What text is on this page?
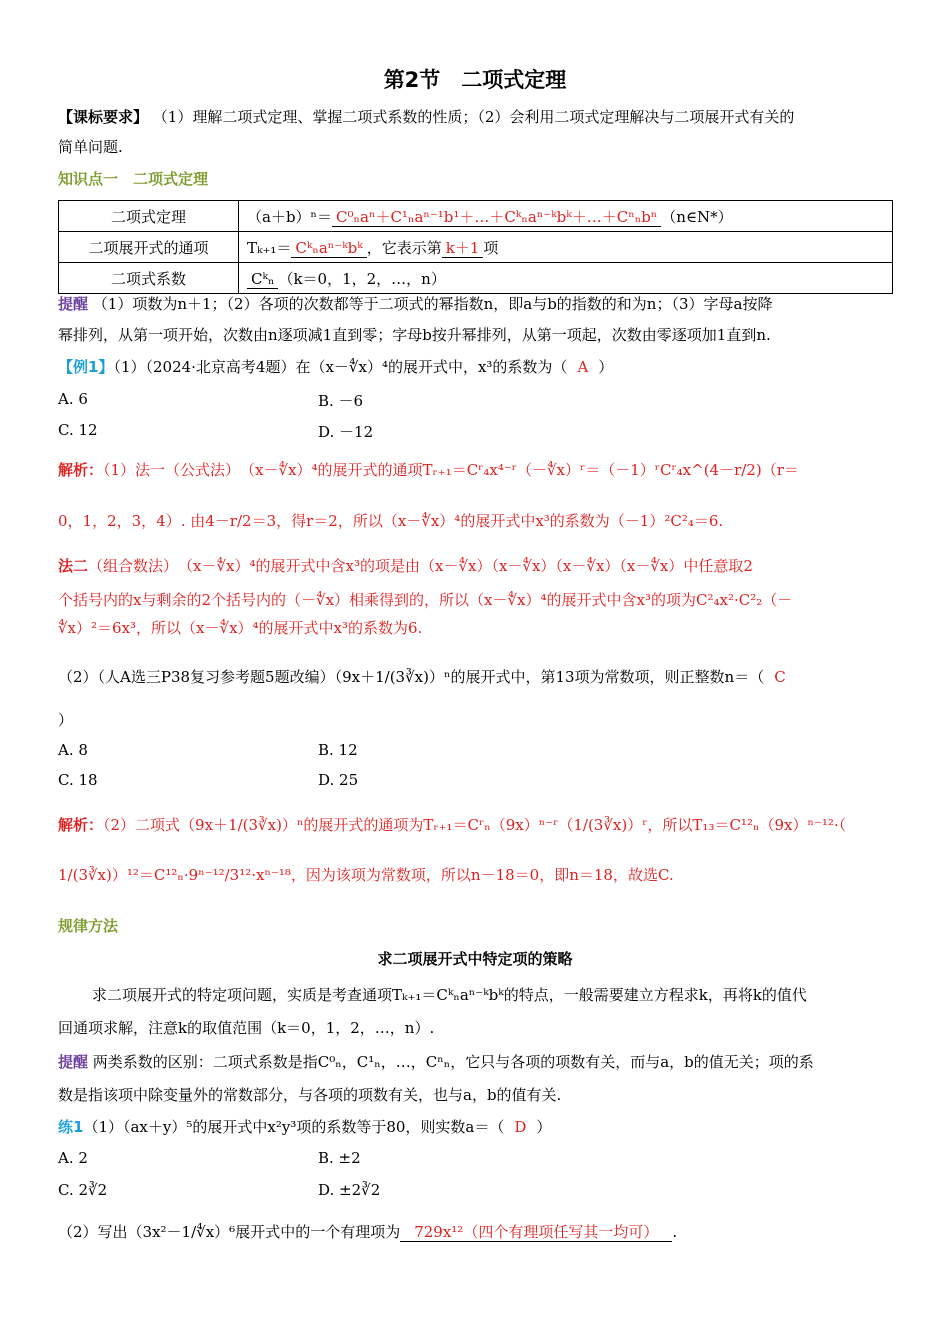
第2节　二项式定理
【课标要求】 （1）理解二项式定理、掌握二项式系数的性质；（2）会利用二项式定理解决与二项展开式有关的
简单问题.
知识点一　二项式定理
二项式定理	（a＋b）ⁿ＝ C⁰ₙaⁿ＋C¹ₙaⁿ⁻¹b¹＋…＋Cᵏₙaⁿ⁻ᵏbᵏ＋…＋Cⁿₙbⁿ （n∈N*）
二项展开式的通项	Tₖ₊₁＝ Cᵏₙaⁿ⁻ᵏbᵏ ，它表示第 k＋1 项
二项式系数	Cᵏₙ （k＝0，1，2，…，n）
提醒 （1）项数为n＋1；（2）各项的次数都等于二项式的幂指数n，即a与b的指数的和为n；（3）字母a按降
幂排列，从第一项开始，次数由n逐项减1直到零；字母b按升幂排列，从第一项起，次数由零逐项加1直到n.
【例1】（1）（2024·北京高考4题）在（x－∜x）⁴的展开式中，x³的系数为（ A ）
A. 6	B. －6
C. 12	D. －12
解析：（1）法一（公式法）　（x－∜x）⁴的展开式的通项Tᵣ₊₁＝Cʳ₄x⁴⁻ʳ（－∜x）ʳ＝（－1）ʳCʳ₄x^(4－r/2)（r＝
0，1，2，3，4）. 由4－r/2＝3，得r＝2，所以（x－∜x）⁴的展开式中x³的系数为（－1）²C²₄＝6.
法二（组合数法）　（x－∜x）⁴的展开式中含x³的项是由（x－∜x）（x－∜x）（x－∜x）（x－∜x）中任意取2
个括号内的x与剩余的2个括号内的（－∜x）相乘得到的，所以（x－∜x）⁴的展开式中含x³的项为C²₄x²·C²₂（－
∜x）²＝6x³，所以（x－∜x）⁴的展开式中x³的系数为6.
（2）（人A选三P38复习参考题5题改编）（9x＋1/(3∛x)）ⁿ的展开式中，第13项为常数项，则正整数n＝（ C
）
A. 8	B. 12
C. 18	D. 25
解析：（2）二项式（9x＋1/(3∛x)）ⁿ的展开式的通项为Tᵣ₊₁＝Cʳₙ（9x）ⁿ⁻ʳ（1/(3∛x)）ʳ，所以T₁₃＝C¹²ₙ（9x）ⁿ⁻¹²·（
1/(3∛x)）¹²＝C¹²ₙ·9ⁿ⁻¹²/3¹²·xⁿ⁻¹⁸，因为该项为常数项，所以n－18＝0，即n＝18，故选C.
规律方法
求二项展开式中特定项的策略
求二项展开式的特定项问题，实质是考查通项Tₖ₊₁＝Cᵏₙaⁿ⁻ᵏbᵏ的特点，一般需要建立方程求k，再将k的值代
回通项求解，注意k的取值范围（k＝0，1，2，…，n）.
提醒 两类系数的区别：二项式系数是指C⁰ₙ，C¹ₙ，…，Cⁿₙ，它只与各项的项数有关，而与a，b的值无关；项的系
数是指该项中除变量外的常数部分，与各项的项数有关，也与a，b的值有关.
练1（1）（ax＋y）⁵的展开式中x²y³项的系数等于80，则实数a＝（ D ）
A. 2	B. ±2
C. 2∛2	D. ±2∛2
（2）写出（3x²－1/∜x）⁶展开式中的一个有理项为 729x¹²（四个有理项任写其一均可） .
